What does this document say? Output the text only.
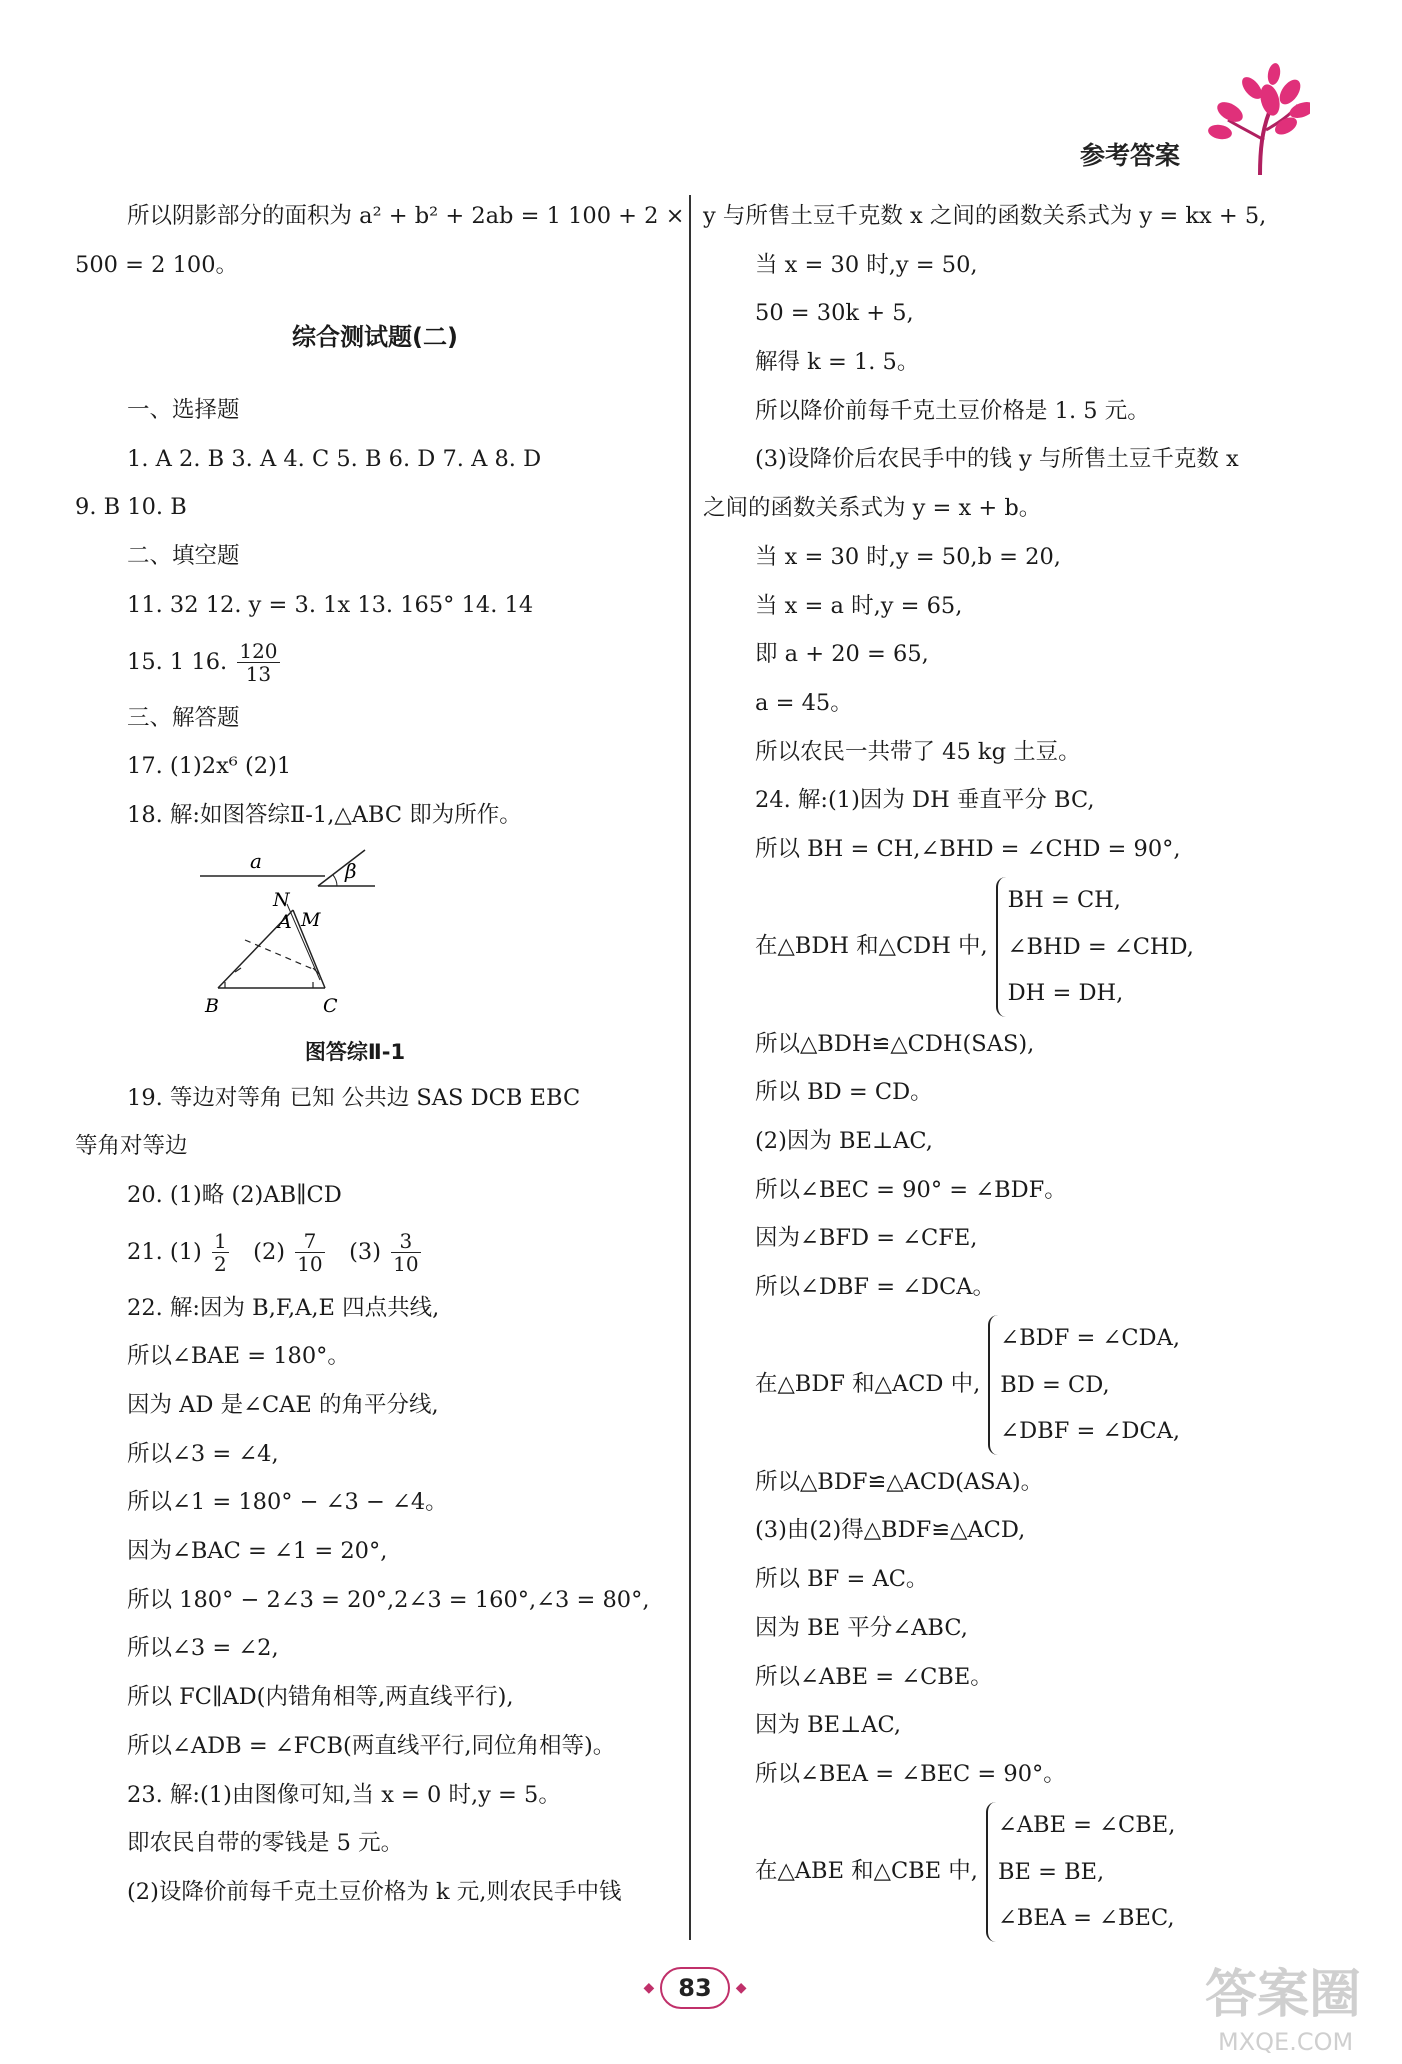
参考答案
所以阴影部分的面积为 a² + b² + 2ab = 1 100 + 2 ×
500 = 2 100。
综合测试题(二)
一、选择题
1. A 2. B 3. A 4. C 5. B 6. D 7. A 8. D
9. B 10. B
二、填空题
11. 32 12. y = 3. 1x 13. 165° 14. 14
15. 1 16. $\frac{120}{13}$
三、解答题
17. (1)2x⁶ (2)1
18. 解:如图答综Ⅱ-1,△ABC 即为所作。
a	β
N
A M
B	C
图答综Ⅱ-1
19. 等边对等角 已知 公共边 SAS DCB EBC
等角对等边
20. (1)略 (2)AB∥CD
21. $(1) \frac{1}{2} (2) \frac{7}{10} (3) \frac{3}{10}$
22. 解:因为 B,F,A,E 四点共线,
所以∠BAE = 180°。
因为 AD 是∠CAE 的角平分线,
所以∠3 = ∠4,
所以∠1 = 180° − ∠3 − ∠4。
因为∠BAC = ∠1 = 20°,
所以 180° − 2∠3 = 20°,2∠3 = 160°,∠3 = 80°,
所以∠3 = ∠2,
所以 FC∥AD(内错角相等,两直线平行),
所以∠ADB = ∠FCB(两直线平行,同位角相等)。
23. 解:(1)由图像可知,当 x = 0 时,y = 5。
即农民自带的零钱是 5 元。
(2)设降价前每千克土豆价格为 k 元,则农民手中钱
y 与所售土豆千克数 x 之间的函数关系式为 y = kx + 5,
当 x = 30 时,y = 50,
50 = 30k + 5,
解得 k = 1. 5。
所以降价前每千克土豆价格是 1. 5 元。
(3)设降价后农民手中的钱 y 与所售土豆千克数 x
之间的函数关系式为 y = x + b。
当 x = 30 时,y = 50,b = 20,
当 x = a 时,y = 65,
即 a + 20 = 65,
a = 45。
所以农民一共带了 45 kg 土豆。
24. 解:(1)因为 DH 垂直平分 BC,
所以 BH = CH,∠BHD = ∠CHD = 90°,
在△BDH 和△CDH 中,
BH = CH,
∠BHD = ∠CHD,
DH = DH,
所以△BDH≌△CDH(SAS),
所以 BD = CD。
(2)因为 BE⊥AC,
所以∠BEC = 90° = ∠BDF。
因为∠BFD = ∠CFE,
所以∠DBF = ∠DCA。
在△BDF 和△ACD 中,
∠BDF = ∠CDA,
BD = CD,
∠DBF = ∠DCA,
所以△BDF≌△ACD(ASA)。
(3)由(2)得△BDF≌△ACD,
所以 BF = AC。
因为 BE 平分∠ABC,
所以∠ABE = ∠CBE。
因为 BE⊥AC,
所以∠BEA = ∠BEC = 90°。
在△ABE 和△CBE 中,
∠ABE = ∠CBE,
BE = BE,
∠BEA = ∠BEC,
◆	83	◆	答案圈
MXQE.COM
